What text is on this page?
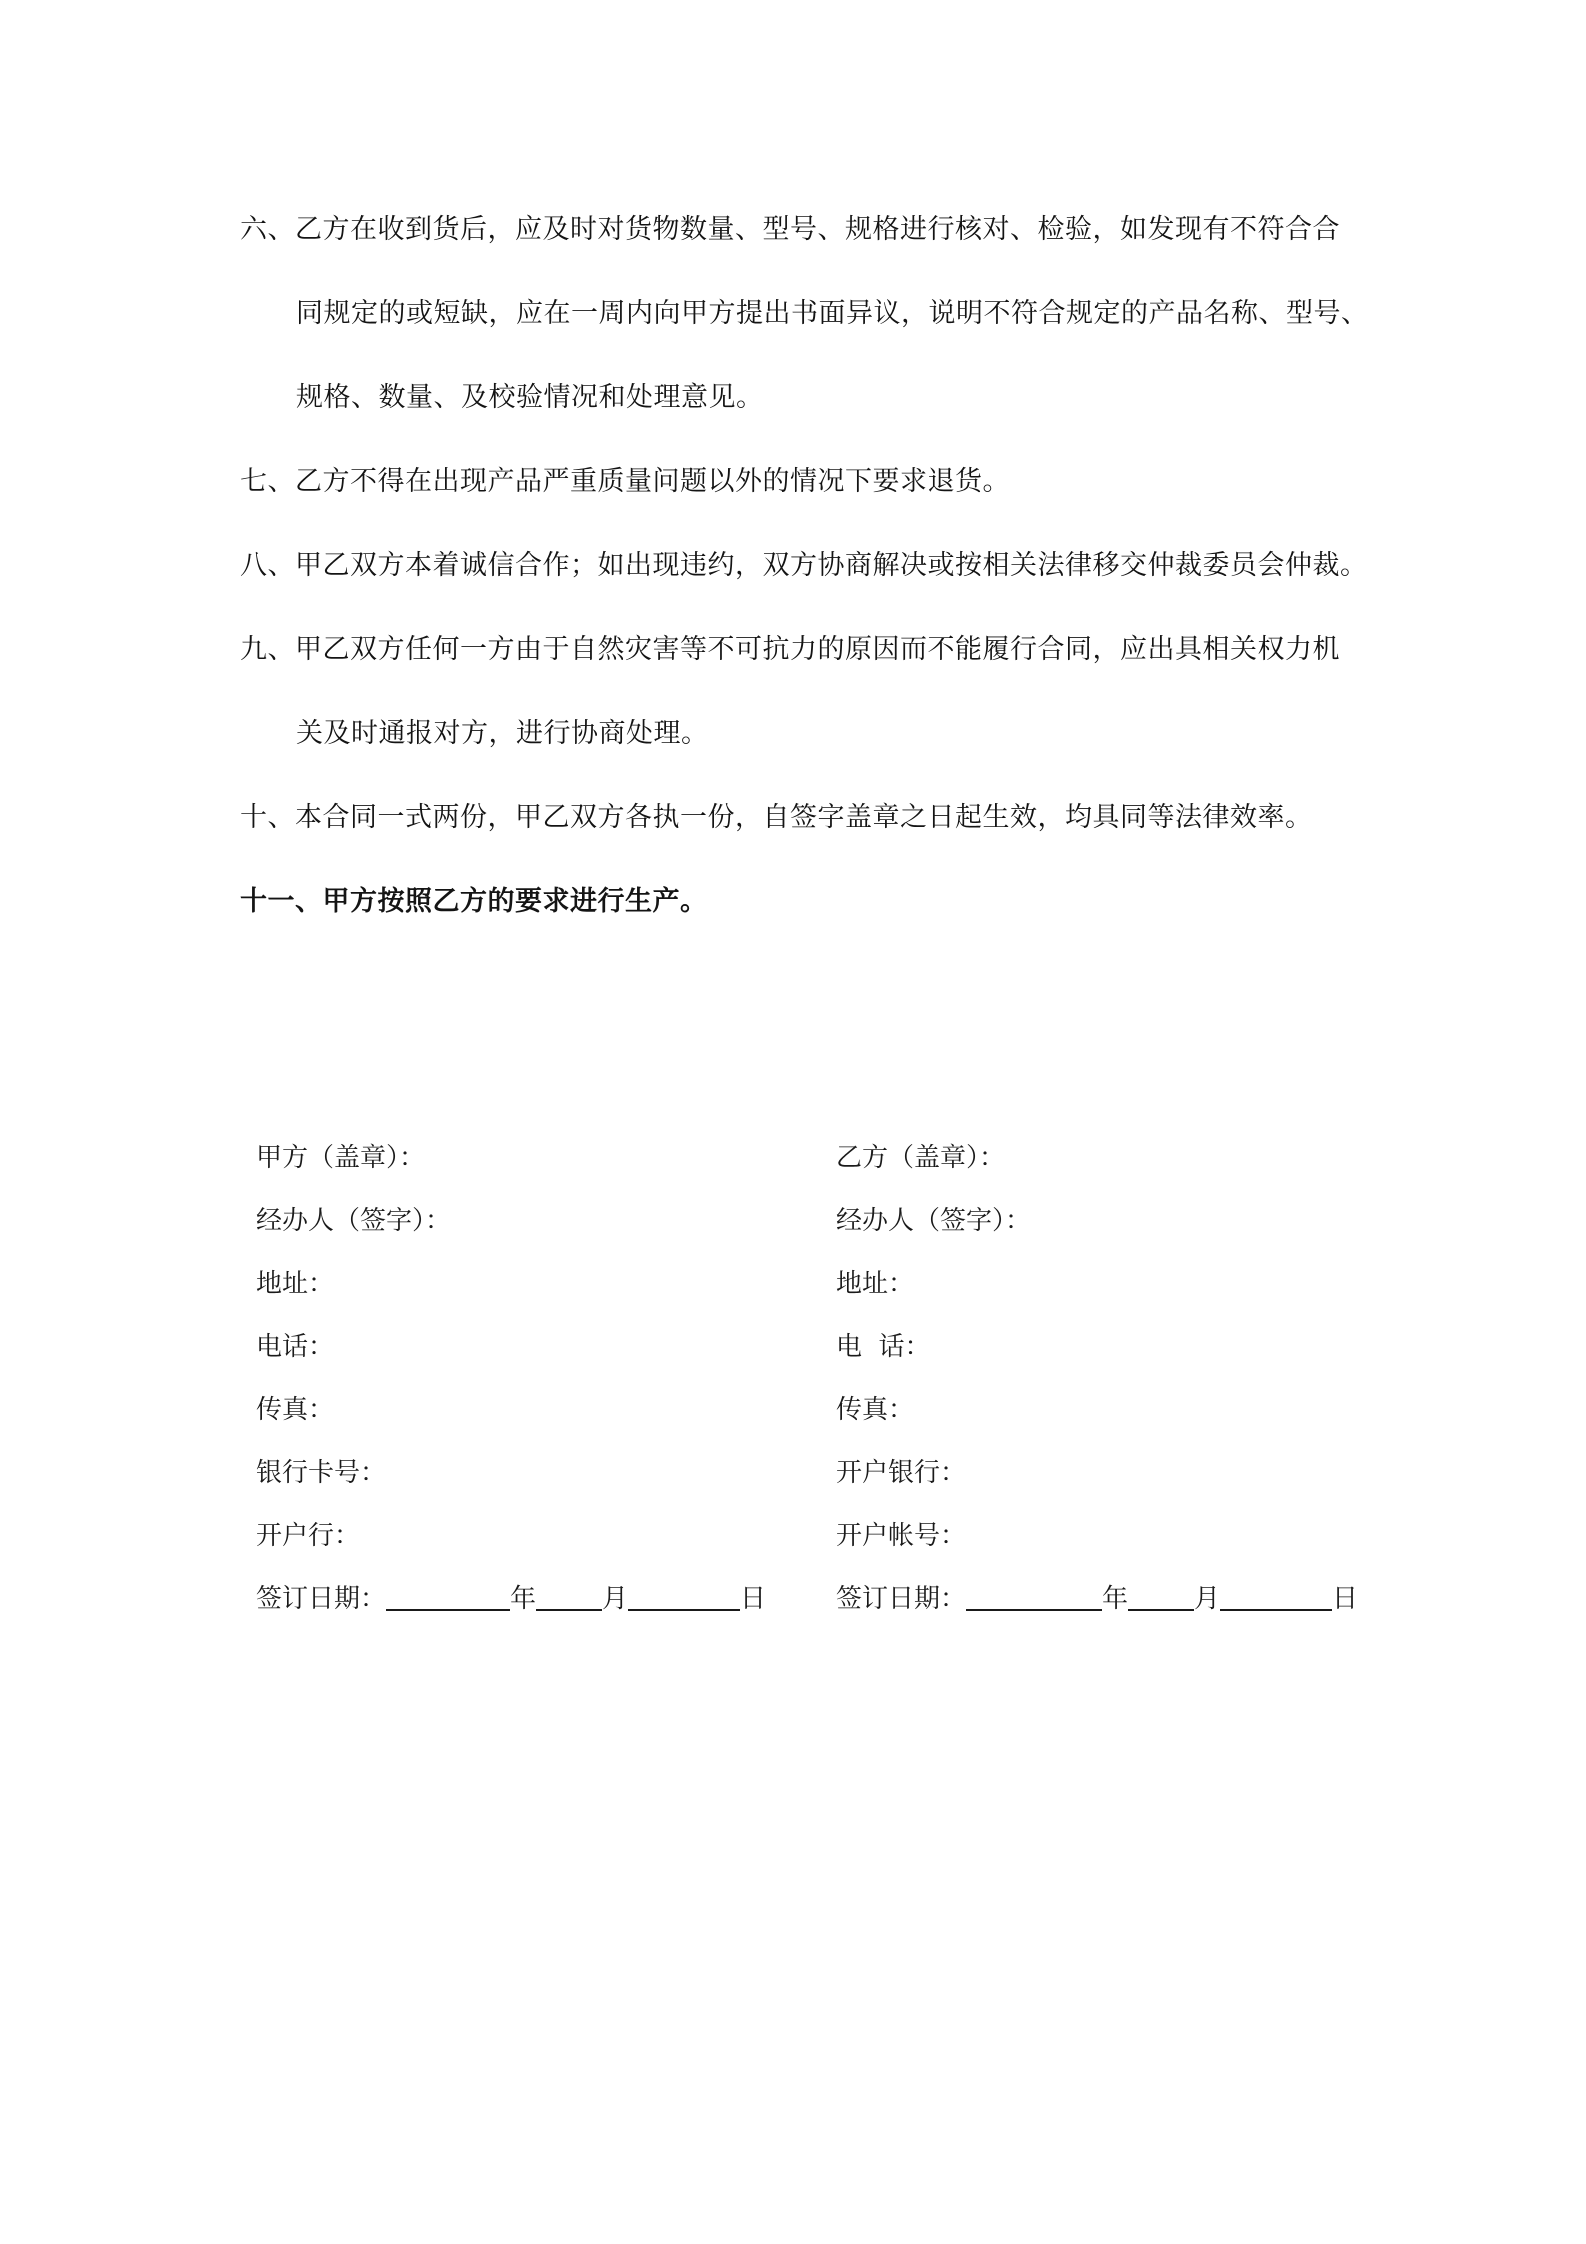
六、乙方在收到货后，应及时对货物数量、型号、规格进行核对、检验，如发现有不符合合
同规定的或短缺，应在一周内向甲方提出书面异议，说明不符合规定的产品名称、型号、
规格、数量、及校验情况和处理意见。
七、乙方不得在出现产品严重质量问题以外的情况下要求退货。
八、甲乙双方本着诚信合作；如出现违约，双方协商解决或按相关法律移交仲裁委员会仲裁。
九、甲乙双方任何一方由于自然灾害等不可抗力的原因而不能履行合同，应出具相关权力机
关及时通报对方，进行协商处理。
十、本合同一式两份，甲乙双方各执一份，自签字盖章之日起生效，均具同等法律效率。
十一、甲方按照乙方的要求进行生产。
甲方（盖章）：
经办人（签字）：
地址：
电话：
传真：
银行卡号：
开户行：
签订日期：	年	月	日
乙方（盖章）：
经办人（签字）：
地址：
电  话：
传真：
开户银行：
开户帐号：
签订日期：	年	月	日
